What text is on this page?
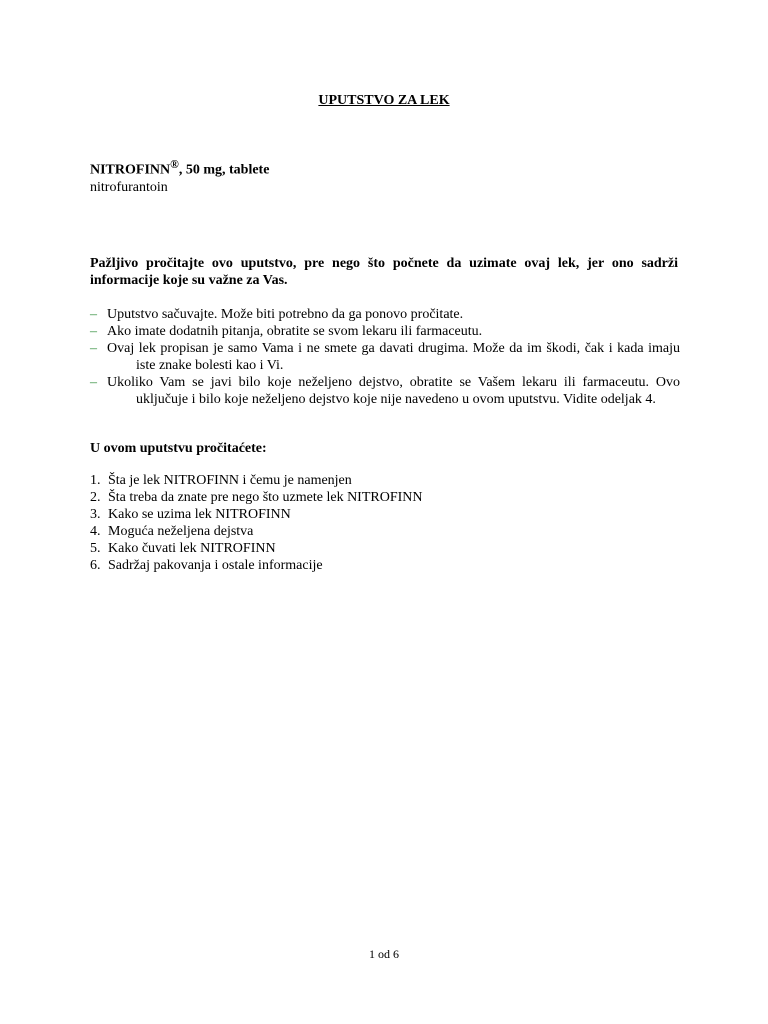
UPUTSTVO ZA LEK
NITROFINN®, 50 mg, tablete
nitrofurantoin
Pažljivo pročitajte ovo uputstvo, pre nego što počnete da uzimate ovaj lek, jer ono sadrži informacije koje su važne za Vas.
– Uputstvo sačuvajte. Može biti potrebno da ga ponovo pročitate.
– Ako imate dodatnih pitanja, obratite se svom lekaru ili farmaceutu.
– Ovaj lek propisan je samo Vama i ne smete ga davati drugima. Može da im škodi, čak i kada imaju iste znake bolesti kao i Vi.
– Ukoliko Vam se javi bilo koje neželjeno dejstvo, obratite se Vašem lekaru ili farmaceutu. Ovo uključuje i bilo koje neželjeno dejstvo koje nije navedeno u ovom uputstvu. Vidite odeljak 4.
U ovom uputstvu pročitaćete:
1. Šta je lek NITROFINN i čemu je namenjen
2. Šta treba da znate pre nego što uzmete lek NITROFINN
3. Kako se uzima lek NITROFINN
4. Moguća neželjena dejstva
5. Kako čuvati lek NITROFINN
6. Sadržaj pakovanja i ostale informacije
1 od 6
